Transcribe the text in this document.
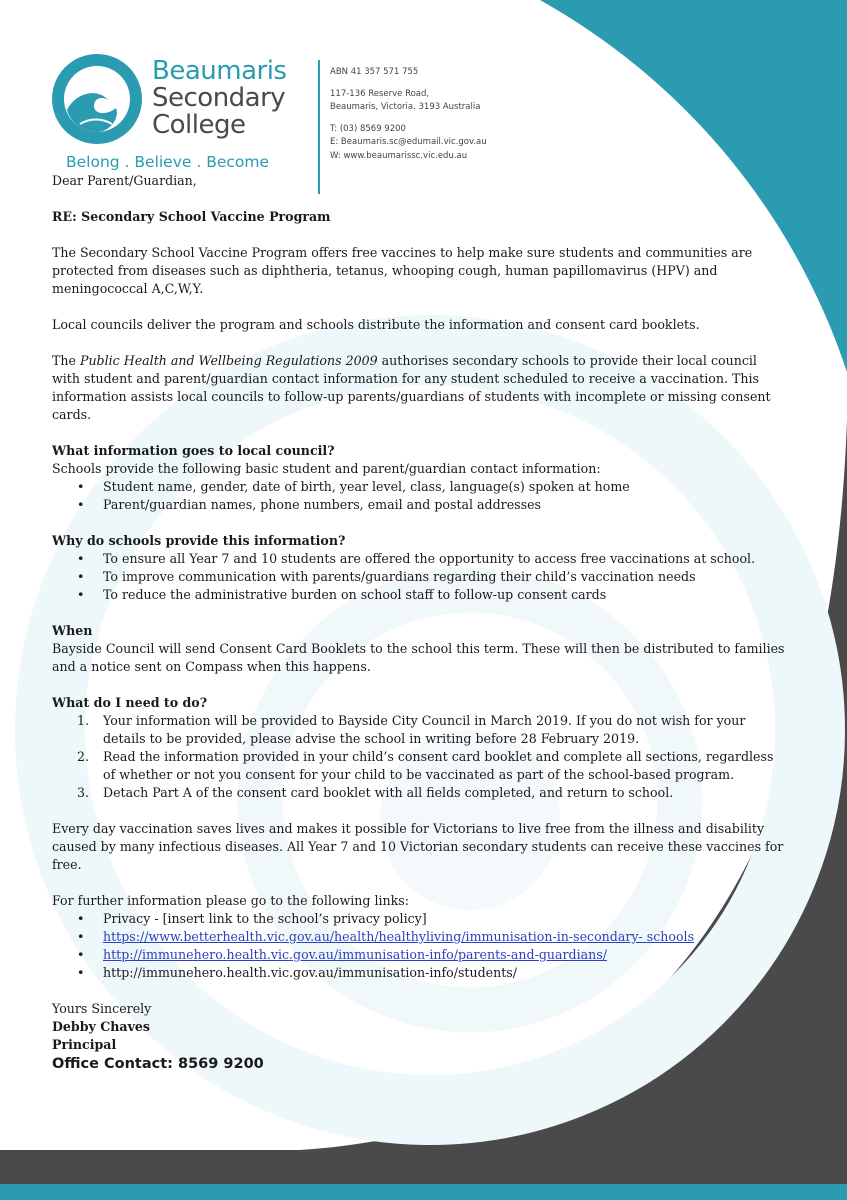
Beaumaris
Secondary
College
Belong . Believe . Become
ABN 41 357 571 755
117-136 Reserve Road,
Beaumaris, Victoria. 3193 Australia
T: (03) 8569 9200
E: Beaumaris.sc@edumail.vic.gov.au
W: www.beaumarissc.vic.edu.au

Dear Parent/Guardian,

RE: Secondary School Vaccine Program

The Secondary School Vaccine Program offers free vaccines to help make sure students and communities are protected from diseases such as diphtheria, tetanus, whooping cough, human papillomavirus (HPV) and meningococcal A,C,W,Y.

Local councils deliver the program and schools distribute the information and consent card booklets.

The Public Health and Wellbeing Regulations 2009 authorises secondary schools to provide their local council with student and parent/guardian contact information for any student scheduled to receive a vaccination. This information assists local councils to follow-up parents/guardians of students with incomplete or missing consent cards.

What information goes to local council?

Schools provide the following basic student and parent/guardian contact information:

• Student name, gender, date of birth, year level, class, language(s) spoken at home
• Parent/guardian names, phone numbers, email and postal addresses

Why do schools provide this information?

• To ensure all Year 7 and 10 students are offered the opportunity to access free vaccinations at school.
• To improve communication with parents/guardians regarding their child’s vaccination needs
• To reduce the administrative burden on school staff to follow-up consent cards

When

Bayside Council will send Consent Card Booklets to the school this term. These will then be distributed to families and a notice sent on Compass when this happens.

What do I need to do?

1. Your information will be provided to Bayside City Council in March 2019. If you do not wish for your details to be provided, please advise the school in writing before 28 February 2019.
2. Read the information provided in your child’s consent card booklet and complete all sections, regardless of whether or not you consent for your child to be vaccinated as part of the school-based program.
3. Detach Part A of the consent card booklet with all fields completed, and return to school.

Every day vaccination saves lives and makes it possible for Victorians to live free from the illness and disability caused by many infectious diseases. All Year 7 and 10 Victorian secondary students can receive these vaccines for free.

For further information please go to the following links:

• Privacy - [insert link to the school’s privacy policy]
• https://www.betterhealth.vic.gov.au/health/healthyliving/immunisation-in-secondary- schools
• http://immunehero.health.vic.gov.au/immunisation-info/parents-and-guardians/
• http://immunehero.health.vic.gov.au/immunisation-info/students/

Yours Sincerely

Debby Chaves

Principal

Office Contact: 8569 9200
